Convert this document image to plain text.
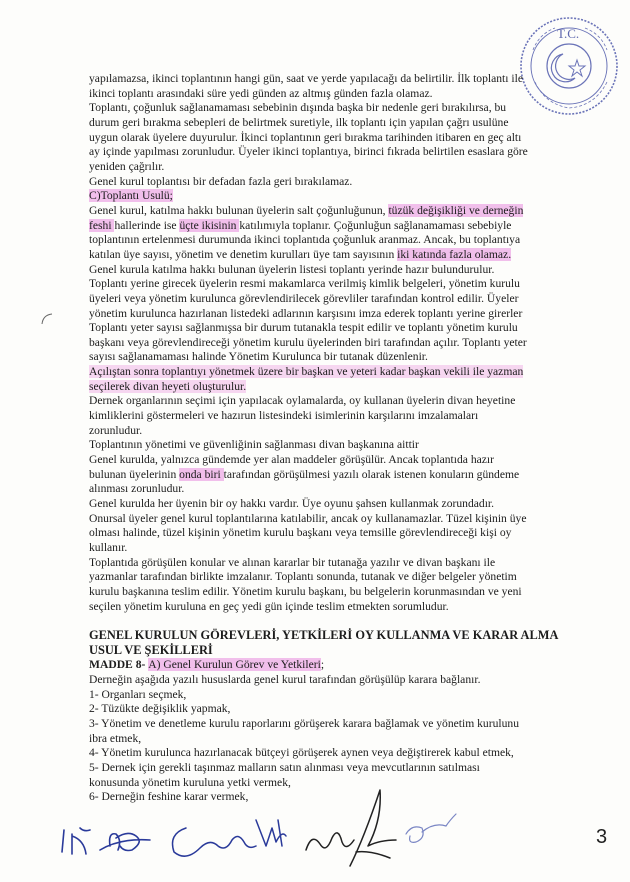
T.C.

yapılamazsa, ikinci toplantının hangi gün, saat ve yerde yapılacağı da belirtilir. İlk toplantı ile

ikinci toplantı arasındaki süre yedi günden az altmış günden fazla olamaz.

Toplantı, çoğunluk sağlanamaması sebebinin dışında başka bir nedenle geri bırakılırsa, bu

durum geri bırakma sebepleri de belirtmek suretiyle, ilk toplantı için yapılan çağrı usulüne

uygun olarak üyelere duyurulur. İkinci toplantının geri bırakma tarihinden itibaren en geç altı

ay içinde yapılması zorunludur. Üyeler ikinci toplantıya, birinci fıkrada belirtilen esaslara göre

yeniden çağrılır.

Genel kurul toplantısı bir defadan fazla geri bırakılamaz.

C)Toplantı Usulü;

Genel kurul, katılma hakkı bulunan üyelerin salt çoğunluğunun, tüzük değişikliği ve derneğin

feshi hallerinde ise üçte ikisinin katılımıyla toplanır. Çoğunluğun sağlanamaması sebebiyle

toplantının ertelenmesi durumunda ikinci toplantıda çoğunluk aranmaz. Ancak, bu toplantıya

katılan üye sayısı, yönetim ve denetim kurulları üye tam sayısının iki katında fazla olamaz.

Genel kurula katılma hakkı bulunan üyelerin listesi toplantı yerinde hazır bulundurulur.

Toplantı yerine girecek üyelerin resmi makamlarca verilmiş kimlik belgeleri, yönetim kurulu

üyeleri veya yönetim kurulunca görevlendirilecek görevliler tarafından kontrol edilir. Üyeler

yönetim kurulunca hazırlanan listedeki adlarının karşısını imza ederek toplantı yerine girerler

Toplantı yeter sayısı sağlanmışsa bir durum tutanakla tespit edilir ve toplantı yönetim kurulu

başkanı veya görevlendireceği yönetim kurulu üyelerinden biri tarafından açılır. Toplantı yeter

sayısı sağlanamaması halinde Yönetim Kurulunca bir tutanak düzenlenir.

Açılıştan sonra toplantıyı yönetmek üzere bir başkan ve yeteri kadar başkan vekili ile yazman

seçilerek divan heyeti oluşturulur.

Dernek organlarının seçimi için yapılacak oylamalarda, oy kullanan üyelerin divan heyetine

kimliklerini göstermeleri ve hazırun listesindeki isimlerinin karşılarını imzalamaları

zorunludur.

Toplantının yönetimi ve güvenliğinin sağlanması divan başkanına aittir

Genel kurulda, yalnızca gündemde yer alan maddeler görüşülür. Ancak toplantıda hazır

bulunan üyelerinin onda biri tarafından görüşülmesi yazılı olarak istenen konuların gündeme

alınması zorunludur.

Genel kurulda her üyenin bir oy hakkı vardır. Üye oyunu şahsen kullanmak zorundadır.

Onursal üyeler genel kurul toplantılarına katılabilir, ancak oy kullanamazlar. Tüzel kişinin üye

olması halinde, tüzel kişinin yönetim kurulu başkanı veya temsille görevlendireceği kişi oy

kullanır.

Toplantıda görüşülen konular ve alınan kararlar bir tutanağa yazılır ve divan başkanı ile

yazmanlar tarafından birlikte imzalanır. Toplantı sonunda, tutanak ve diğer belgeler yönetim

kurulu başkanına teslim edilir. Yönetim kurulu başkanı, bu belgelerin korunmasından ve yeni

seçilen yönetim kuruluna en geç yedi gün içinde teslim etmekten sorumludur.

GENEL KURULUN GÖREVLERİ, YETKİLERİ OY KULLANMA VE KARAR ALMA

USUL VE ŞEKİLLERİ

MADDE 8- A) Genel Kurulun Görev ve Yetkileri;

Derneğin aşağıda yazılı hususlarda genel kurul tarafından görüşülüp karara bağlanır.

1- Organları seçmek,

2- Tüzükte değişiklik yapmak,

3- Yönetim ve denetleme kurulu raporlarını görüşerek karara bağlamak ve yönetim kurulunu

ibra etmek,

4- Yönetim kurulunca hazırlanacak bütçeyi görüşerek aynen veya değiştirerek kabul etmek,

5- Dernek için gerekli taşınmaz malların satın alınması veya mevcutlarının satılması

konusunda yönetim kuruluna yetki vermek,

6- Derneğin feshine karar vermek,

3
